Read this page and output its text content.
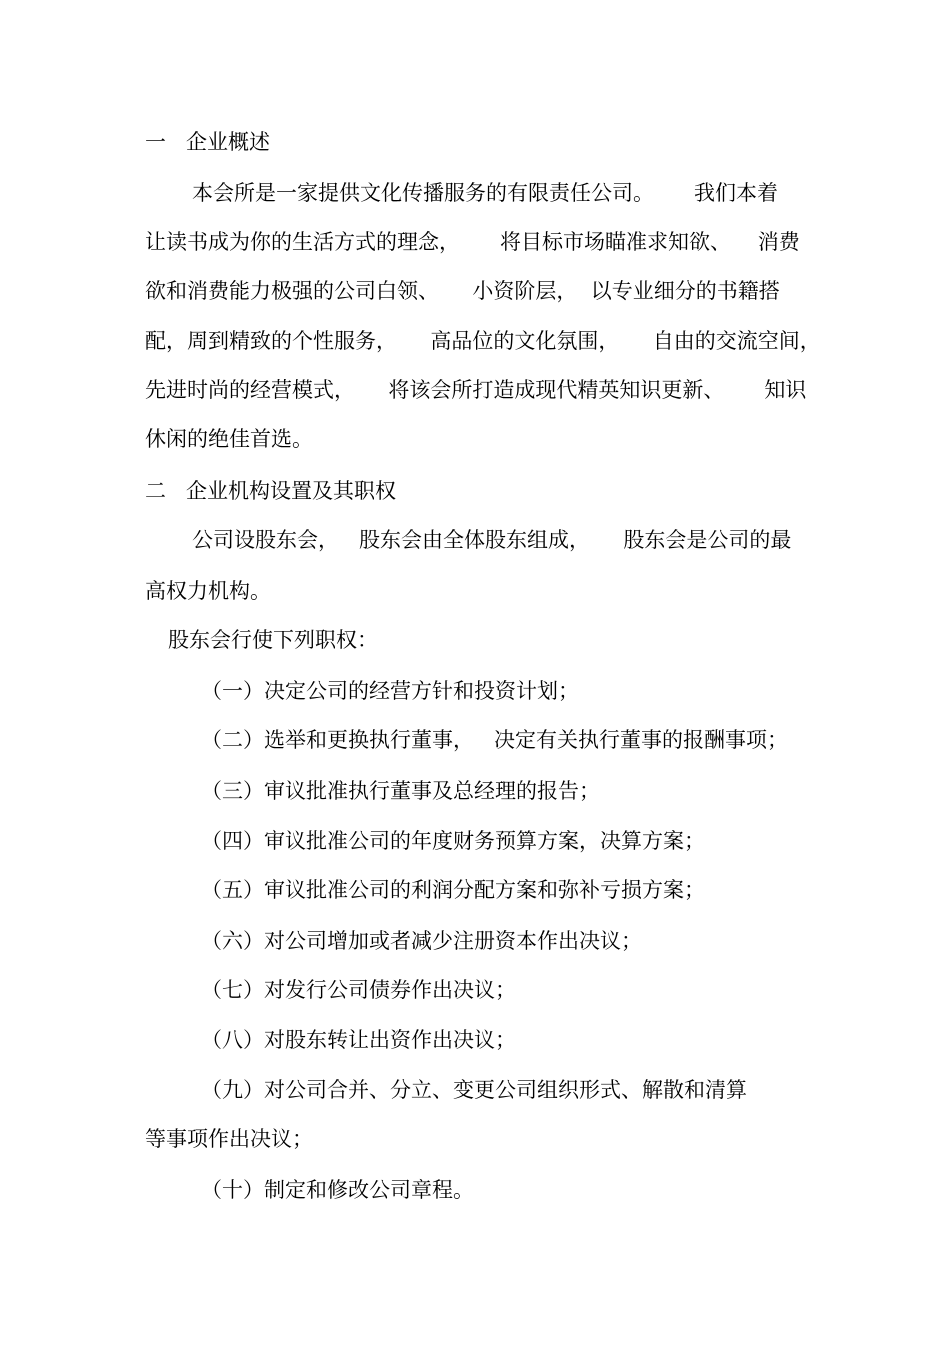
一   企业概述
本会所是一家提供文化传播服务的有限责任公司。      我们本着
让读书成为你的生活方式的理念，      将目标市场瞄准求知欲、    消费
欲和消费能力极强的公司白领、     小资阶层，  以专业细分的书籍搭
配，周到精致的个性服务，     高品位的文化氛围，     自由的交流空间，
先进时尚的经营模式，     将该会所打造成现代精英知识更新、      知识
休闲的绝佳首选。
二   企业机构设置及其职权
公司设股东会，   股东会由全体股东组成，     股东会是公司的最
高权力机构。
股东会行使下列职权：
（一）决定公司的经营方针和投资计划；
（二）选举和更换执行董事，   决定有关执行董事的报酬事项；
（三）审议批准执行董事及总经理的报告；
（四）审议批准公司的年度财务预算方案，决算方案；
（五）审议批准公司的利润分配方案和弥补亏损方案；
（六）对公司增加或者减少注册资本作出决议；
（七）对发行公司债券作出决议；
（八）对股东转让出资作出决议；
（九）对公司合并、分立、变更公司组织形式、解散和清算
等事项作出决议；
（十）制定和修改公司章程。
